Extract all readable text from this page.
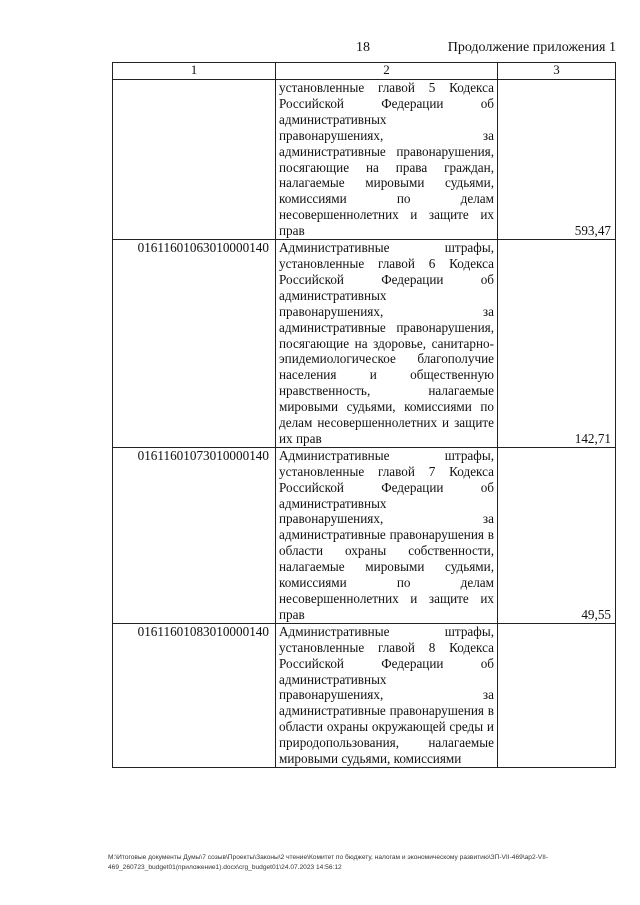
18	Продолжение приложения 1
1	2	3

	установленные главой 5 Кодекса Российской Федерации об административных правонарушениях, за административные правонарушения, посягающие на права граждан, налагаемые мировыми судьями, комиссиями по делам несовершеннолетних и защите их прав	593,47
01611601063010000140	Административные штрафы, установленные главой 6 Кодекса Российской Федерации об административных правонарушениях, за административные правонарушения, посягающие на здоровье, санитарно-эпидемиологическое благополучие населения и общественную нравственность, налагаемые мировыми судьями, комиссиями по делам несовершеннолетних и защите их прав	142,71
01611601073010000140	Административные штрафы, установленные главой 7 Кодекса Российской Федерации об административных правонарушениях, за административные правонарушения в области охраны собственности, налагаемые мировыми судьями, комиссиями по делам несовершеннолетних и защите их прав	49,55
01611601083010000140	Административные штрафы, установленные главой 8 Кодекса Российской Федерации об административных правонарушениях, за административные правонарушения в области охраны окружающей среды и природопользования, налагаемые мировыми судьями, комиссиями	

М:\Итоговые документы Думы\7 созыв\Проекты\Законы\2 чтение\Комитет по бюджету, налогам и экономическому развитию\ЗП-VII-469\ap2-VII-469_260723_budget01(приложение1).docx\crg_budget01\24.07.2023 14:56:12
